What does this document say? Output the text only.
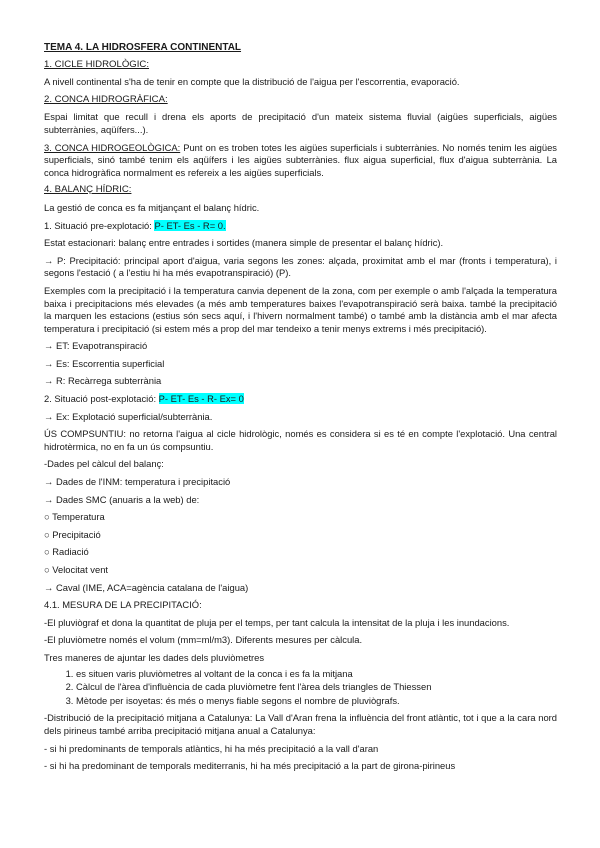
TEMA 4. LA HIDROSFERA CONTINENTAL

1. CICLE HIDROLÒGIC:

A nivell continental s'ha de tenir en compte que la distribució de l'aigua per l'escorrentia, evaporació.

2. CONCA HIDROGRÀFICA:

Espai limitat que recull i drena els aports de precipitació d'un mateix sistema fluvial (aigües superficials, aigües subterrànies, aqüífers...).

3. CONCA HIDROGEOLÒGICA: Punt on es troben totes les aigües superficials i subterrànies. No només tenim les aigües superficials, sinó també tenim els aqüífers i les aigües subterrànies. flux aigua superficial, flux d'aigua subterrània. La conca hidrogràfica normalment es refereix a les aigües superficials.

4. BALANÇ HÍDRIC:

La gestió de conca es fa mitjançant el balanç hídric.

1. Situació pre-explotació: P- ET- Es - R= 0.

Estat estacionari: balanç entre entrades i sortides (manera simple de presentar el balanç hídric).

→ P: Precipitació: principal aport d'aigua, varia segons les zones: alçada, proximitat amb el mar (fronts i temperatura), i segons l'estació ( a l'estiu hi ha més evapotranspiració) (P).

Exemples com la precipitació i la temperatura canvia depenent de la zona, com per exemple o amb l'alçada la temperatura baixa i precipitacions més elevades (a més amb temperatures baixes l'evapotranspiració serà baixa. també la precipitació la marquen les estacions (estius són secs aquí, i l'hivern normalment també) o també amb la distància amb el mar afecta temperatura i precipitació (si estem més a prop del mar tendeixo a tenir menys extrems i més precipitació).

→ ET: Evapotranspiració

→ Es: Escorrentia superficial

→ R: Recàrrega subterrània

2. Situació post-explotació: P- ET- Es - R- Ex= 0

→ Ex: Explotació superficial/subterrània.

ÚS COMPSUNTIU: no retorna l'aigua al cicle hidrològic, només es considera si es té en compte l'explotació. Una central hidrotèrmica, no en fa un ús compsuntiu.

-Dades pel càlcul del balanç:

→ Dades de l'INM: temperatura i precipitació

→ Dades SMC (anuaris a la web) de:

○ Temperatura

○ Precipitació

○ Radiació

○ Velocitat vent

→ Caval (IME, ACA=agència catalana de l'aigua)

4.1. MESURA DE LA PRECIPITACIÓ:

-El pluviògraf et dona la quantitat de pluja per el temps, per tant calcula la intensitat de la pluja i les inundacions.

-El pluviòmetre només el volum (mm=ml/m3). Diferents mesures per càlcula.

Tres maneres de ajuntar les dades dels pluviòmetres

1. es situen varis pluviòmetres al voltant de la conca i es fa la mitjana
2. Càlcul de l'àrea d'influència de cada pluviòmetre fent l'àrea dels triangles de Thiessen
3. Mètode per isoyetas: és més o menys fiable segons el nombre de pluviògrafs.

-Distribució de la precipitació mitjana a Catalunya: La Vall d'Aran frena la influència del front atlàntic, tot i que a la cara nord dels pirineus també arriba precipitació mitjana anual a Catalunya:

- si hi predominants de temporals atlàntics, hi ha més precipitació a la vall d'aran

- si hi ha predominant de temporals mediterranis, hi ha més precipitació a la part de girona-pirineus
